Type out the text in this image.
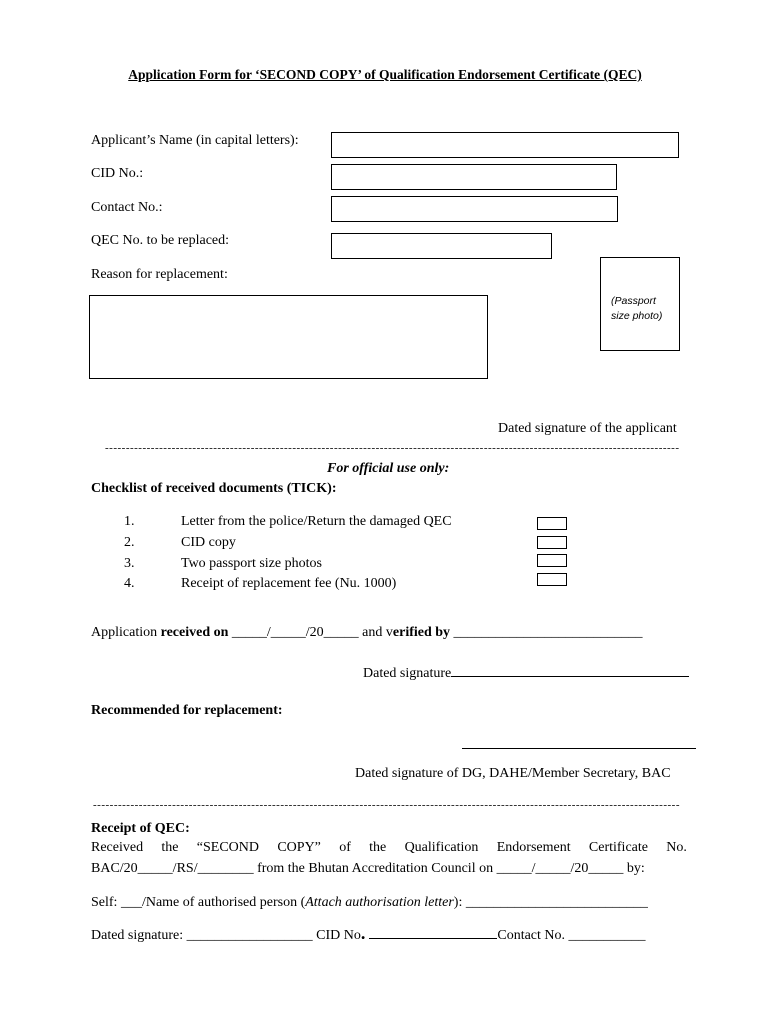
Application Form for ‘SECOND COPY’ of Qualification Endorsement Certificate (QEC)
Applicant’s Name (in capital letters):
CID No.:
Contact No.:
QEC No. to be replaced:
Reason for replacement:
(Passport
size photo)
Dated signature of the applicant
------------------------------------------------------------------------------------------------------------------------------------------
For official use only:
Checklist of received documents (TICK):
1.	Letter from the police/Return the damaged QEC
2.	CID copy
3.	Two passport size photos
4.	Receipt of replacement fee (Nu. 1000)
Application received on _____/_____/20_____ and verified by ___________________________
Dated signature
Recommended for replacement:
Dated signature of DG, DAHE/Member Secretary, BAC
---------------------------------------------------------------------------------------------------------------------------------------------
Receipt of QEC:
Received the “SECOND COPY” of the Qualification Endorsement Certificate No.
BAC/20_____/RS/________ from the Bhutan Accreditation Council on _____/_____/20_____ by:
Self: ___/Name of authorised person (Attach authorisation letter): __________________________
Dated signature: __________________ CID No.	Contact No. ___________
